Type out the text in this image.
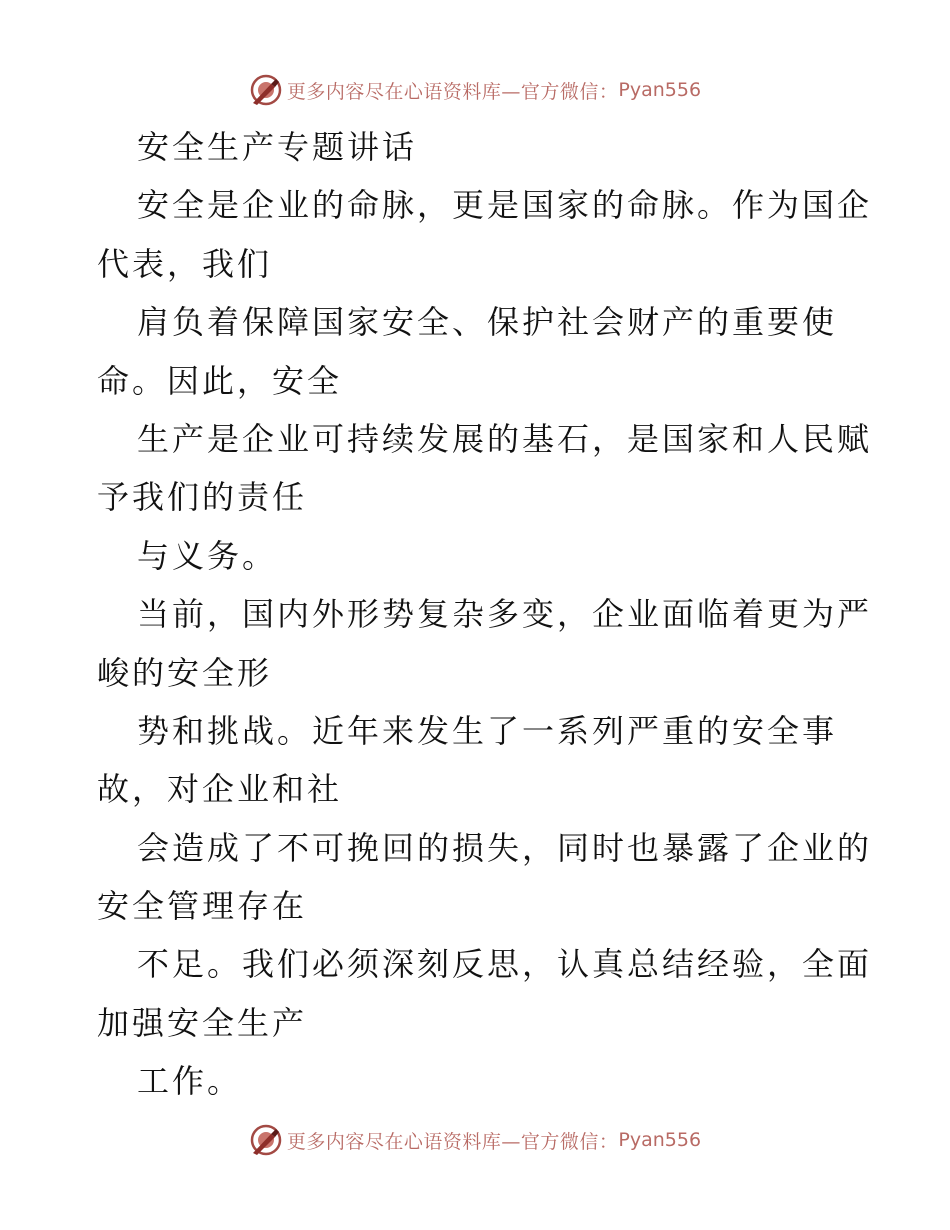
更多内容尽在心语资料库—官方微信： Pyan556
安全生产专题讲话
安全是企业的命脉，更是国家的命脉。作为国企
代表，我们
肩负着保障国家安全、保护社会财产的重要使
命。因此，安全
生产是企业可持续发展的基石，是国家和人民赋
予我们的责任
与义务。
当前，国内外形势复杂多变，企业面临着更为严
峻的安全形
势和挑战。近年来发生了一系列严重的安全事
故，对企业和社
会造成了不可挽回的损失，同时也暴露了企业的
安全管理存在
不足。我们必须深刻反思，认真总结经验，全面
加强安全生产
工作。
更多内容尽在心语资料库—官方微信： Pyan556
